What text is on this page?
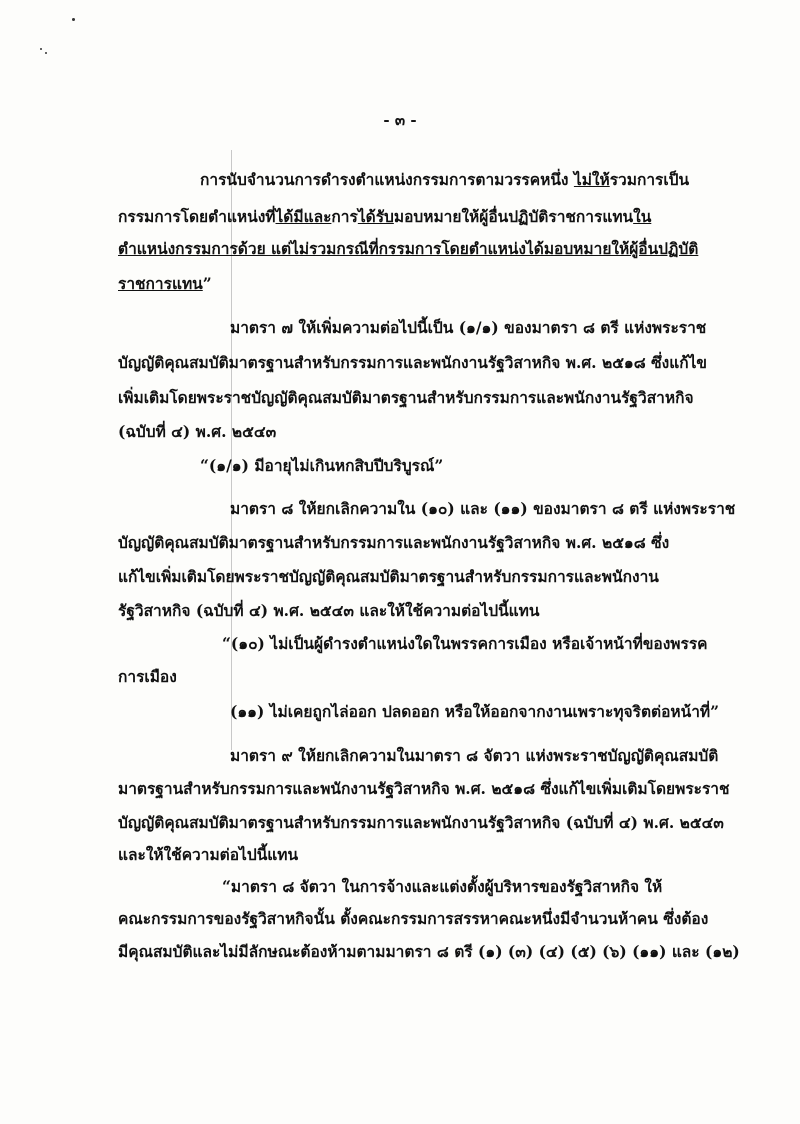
- ๓ -
การนับจำนวนการดำรงตำแหน่งกรรมการตามวรรคหนึ่ง ไม่ให้รวมการเป็น
กรรมการโดยตำแหน่งที่ได้มีและการได้รับมอบหมายให้ผู้อื่นปฏิบัติราชการแทนใน
ตำแหน่งกรรมการด้วย แต่ไม่รวมกรณีที่กรรมการโดยตำแหน่งได้มอบหมายให้ผู้อื่นปฏิบัติ
ราชการแทน”
มาตรา ๗ ให้เพิ่มความต่อไปนี้เป็น (๑/๑) ของมาตรา ๘ ตรี แห่งพระราช
บัญญัติคุณสมบัติมาตรฐานสำหรับกรรมการและพนักงานรัฐวิสาหกิจ พ.ศ. ๒๕๑๘ ซึ่งแก้ไข
เพิ่มเติมโดยพระราชบัญญัติคุณสมบัติมาตรฐานสำหรับกรรมการและพนักงานรัฐวิสาหกิจ
(ฉบับที่ ๔) พ.ศ. ๒๕๔๓
“(๑/๑) มีอายุไม่เกินหกสิบปีบริบูรณ์”
มาตรา ๘ ให้ยกเลิกความใน (๑๐) และ (๑๑) ของมาตรา ๘ ตรี แห่งพระราช
บัญญัติคุณสมบัติมาตรฐานสำหรับกรรมการและพนักงานรัฐวิสาหกิจ พ.ศ. ๒๕๑๘ ซึ่ง
แก้ไขเพิ่มเติมโดยพระราชบัญญัติคุณสมบัติมาตรฐานสำหรับกรรมการและพนักงาน
รัฐวิสาหกิจ (ฉบับที่ ๔) พ.ศ. ๒๕๔๓ และให้ใช้ความต่อไปนี้แทน
“(๑๐) ไม่เป็นผู้ดำรงตำแหน่งใดในพรรคการเมือง หรือเจ้าหน้าที่ของพรรค
การเมือง
(๑๑) ไม่เคยถูกไล่ออก ปลดออก หรือให้ออกจากงานเพราะทุจริตต่อหน้าที่”
มาตรา ๙ ให้ยกเลิกความในมาตรา ๘ จัตวา แห่งพระราชบัญญัติคุณสมบัติ
มาตรฐานสำหรับกรรมการและพนักงานรัฐวิสาหกิจ พ.ศ. ๒๕๑๘ ซึ่งแก้ไขเพิ่มเติมโดยพระราช
บัญญัติคุณสมบัติมาตรฐานสำหรับกรรมการและพนักงานรัฐวิสาหกิจ (ฉบับที่ ๔) พ.ศ. ๒๕๔๓
และให้ใช้ความต่อไปนี้แทน
“มาตรา ๘ จัตวา ในการจ้างและแต่งตั้งผู้บริหารของรัฐวิสาหกิจ ให้
คณะกรรมการของรัฐวิสาหกิจนั้น ตั้งคณะกรรมการสรรหาคณะหนึ่งมีจำนวนห้าคน ซึ่งต้อง
มีคุณสมบัติและไม่มีลักษณะต้องห้ามตามมาตรา ๘ ตรี (๑) (๓) (๔) (๕) (๖) (๑๑) และ (๑๒)
